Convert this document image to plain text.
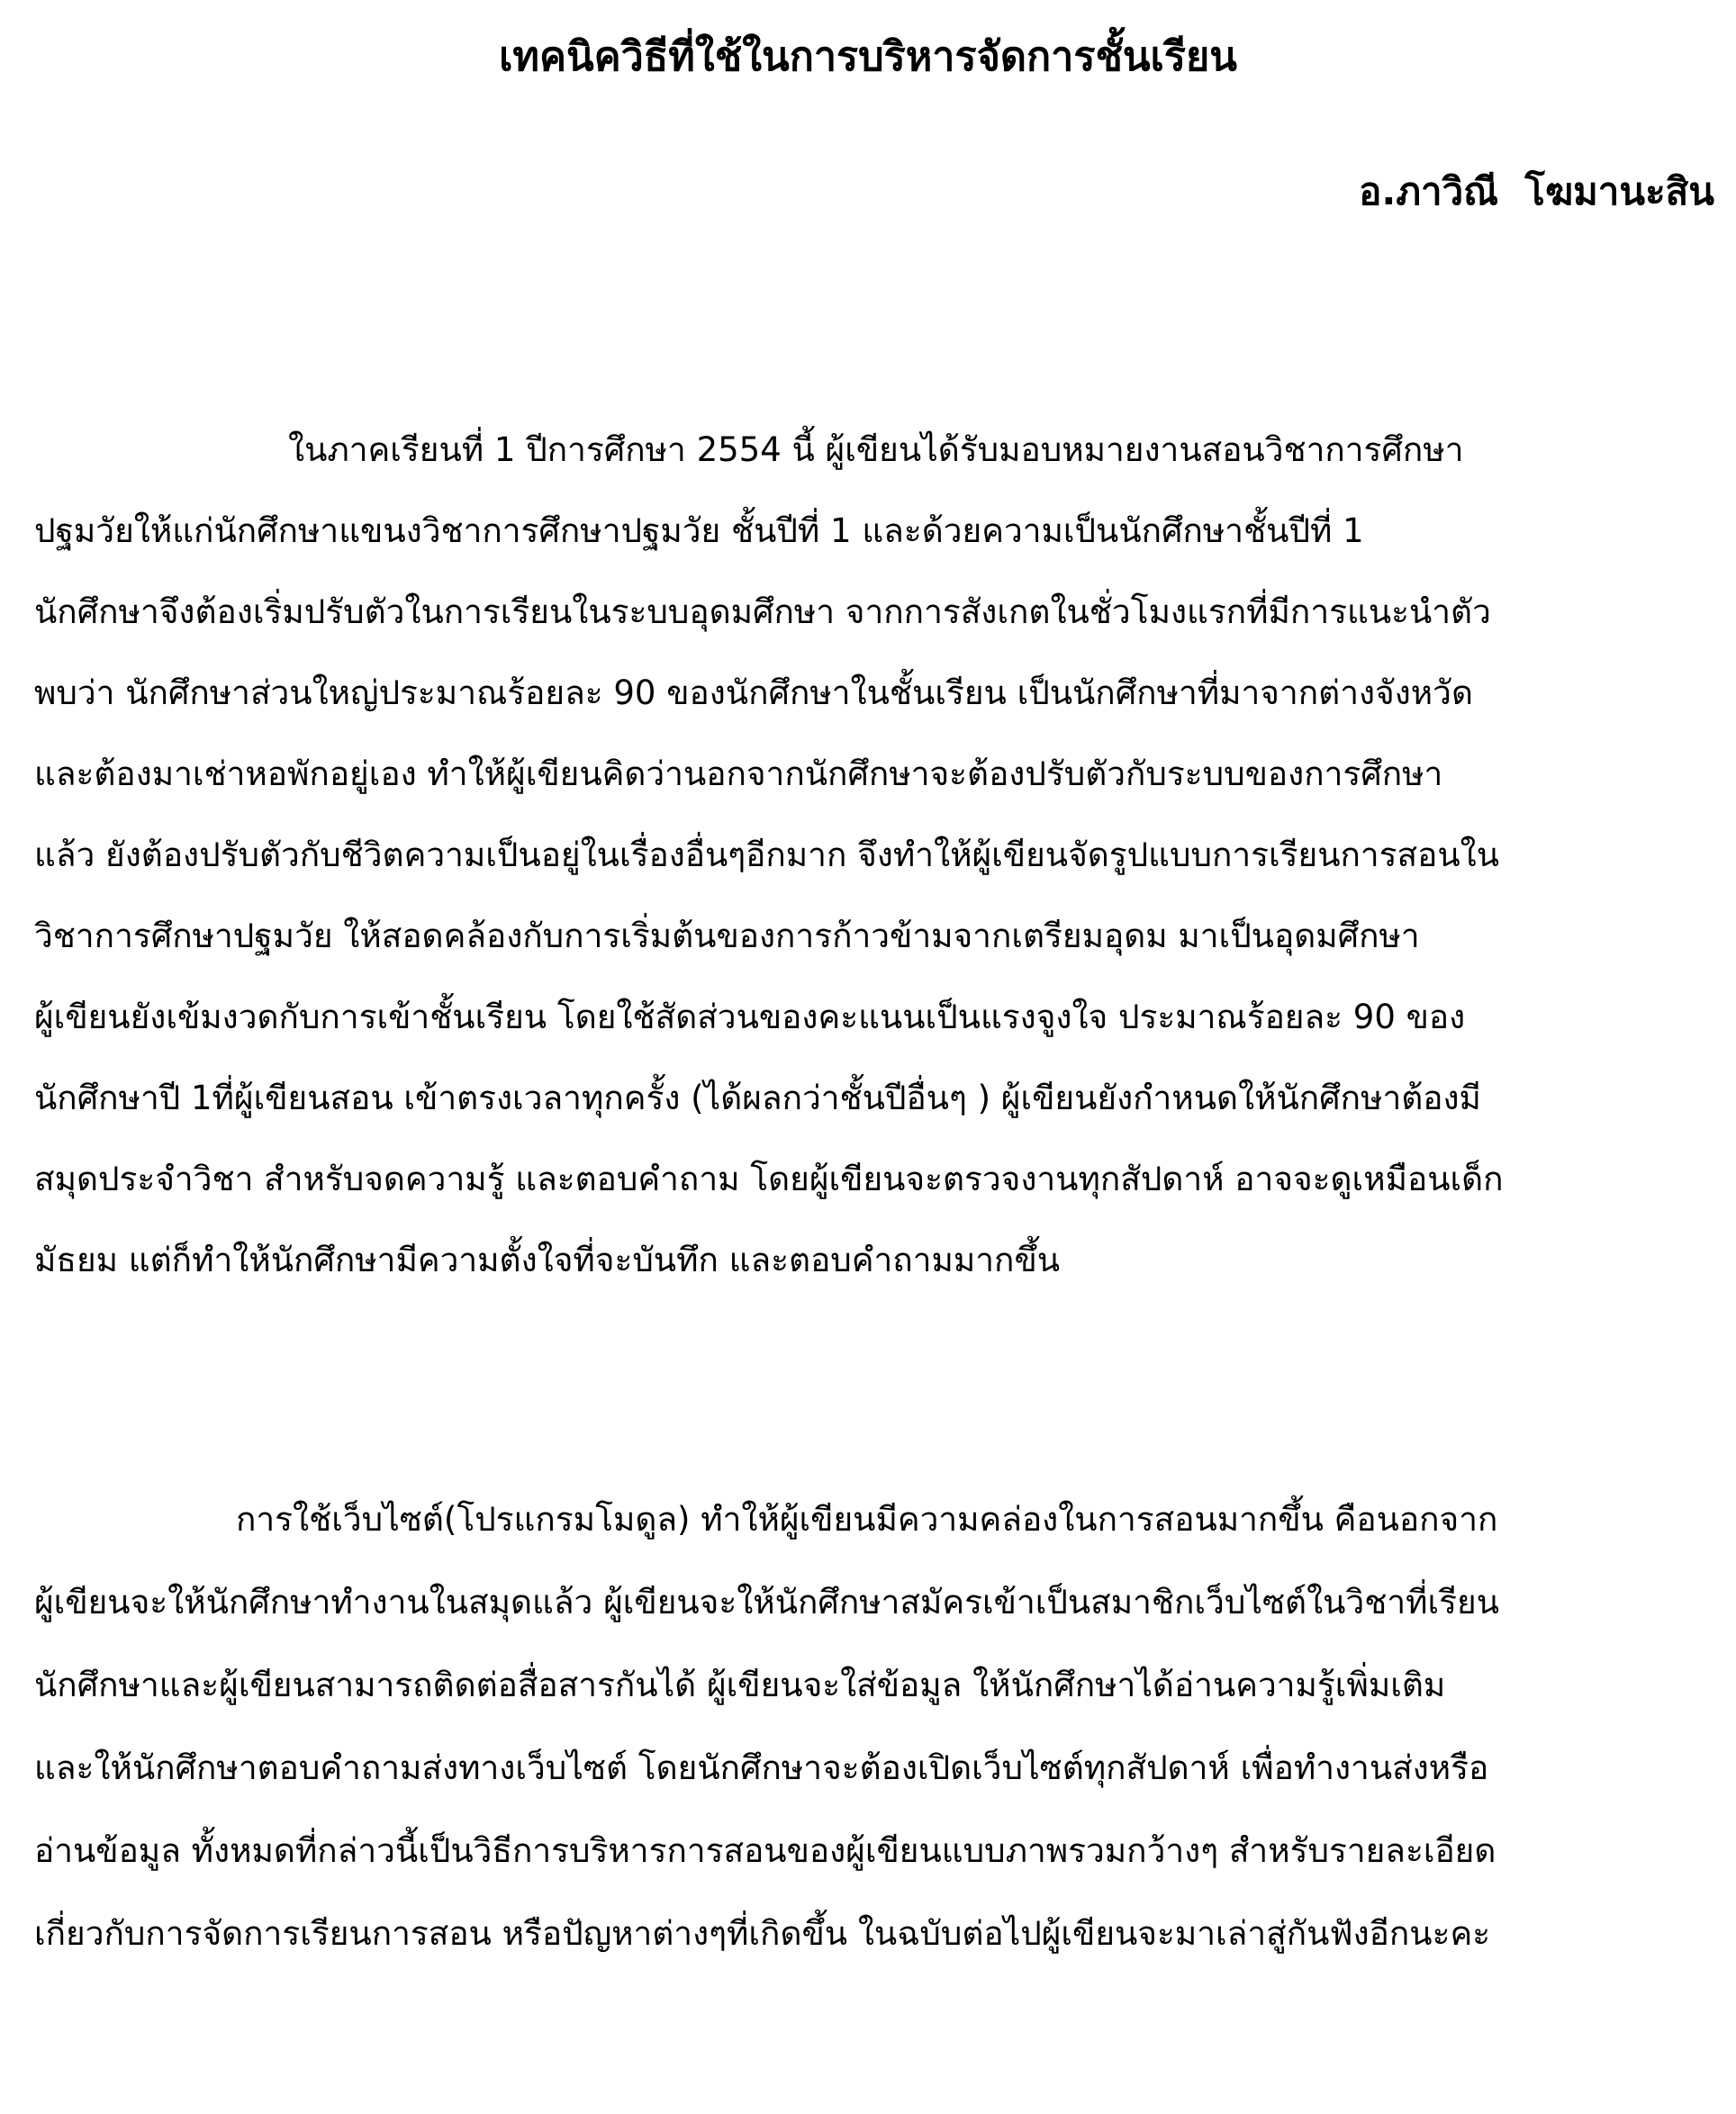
เทคนิควิธีที่ใช้ในการบริหารจัดการชั้นเรียน
อ.ภาวิณี  โฆมานะสิน
ในภาคเรียนที่ 1 ปีการศึกษา 2554 นี้ ผู้เขียนได้รับมอบหมายงานสอนวิชาการศึกษา
ปฐมวัยให้แก่นักศึกษาแขนงวิชาการศึกษาปฐมวัย ชั้นปีที่ 1 และด้วยความเป็นนักศึกษาชั้นปีที่ 1
นักศึกษาจึงต้องเริ่มปรับตัวในการเรียนในระบบอุดมศึกษา จากการสังเกตในชั่วโมงแรกที่มีการแนะนำตัว
พบว่า นักศึกษาส่วนใหญ่ประมาณร้อยละ 90 ของนักศึกษาในชั้นเรียน เป็นนักศึกษาที่มาจากต่างจังหวัด
และต้องมาเช่าหอพักอยู่เอง ทำให้ผู้เขียนคิดว่านอกจากนักศึกษาจะต้องปรับตัวกับระบบของการศึกษา
แล้ว ยังต้องปรับตัวกับชีวิตความเป็นอยู่ในเรื่องอื่นๆอีกมาก จึงทำให้ผู้เขียนจัดรูปแบบการเรียนการสอนใน
วิชาการศึกษาปฐมวัย ให้สอดคล้องกับการเริ่มต้นของการก้าวข้ามจากเตรียมอุดม มาเป็นอุดมศึกษา
ผู้เขียนยังเข้มงวดกับการเข้าชั้นเรียน โดยใช้สัดส่วนของคะแนนเป็นแรงจูงใจ ประมาณร้อยละ 90 ของ
นักศึกษาปี 1ที่ผู้เขียนสอน เข้าตรงเวลาทุกครั้ง (ได้ผลกว่าชั้นปีอื่นๆ ) ผู้เขียนยังกำหนดให้นักศึกษาต้องมี
สมุดประจำวิชา สำหรับจดความรู้ และตอบคำถาม โดยผู้เขียนจะตรวจงานทุกสัปดาห์ อาจจะดูเหมือนเด็ก
มัธยม แต่ก็ทำให้นักศึกษามีความตั้งใจที่จะบันทึก และตอบคำถามมากขึ้น
การใช้เว็บไซต์(โปรแกรมโมดูล) ทำให้ผู้เขียนมีความคล่องในการสอนมากขึ้น คือนอกจาก
ผู้เขียนจะให้นักศึกษาทำงานในสมุดแล้ว ผู้เขียนจะให้นักศึกษาสมัครเข้าเป็นสมาชิกเว็บไซต์ในวิชาที่เรียน
นักศึกษาและผู้เขียนสามารถติดต่อสื่อสารกันได้ ผู้เขียนจะใส่ข้อมูล ให้นักศึกษาได้อ่านความรู้เพิ่มเติม
และให้นักศึกษาตอบคำถามส่งทางเว็บไซต์ โดยนักศึกษาจะต้องเปิดเว็บไซต์ทุกสัปดาห์ เพื่อทำงานส่งหรือ
อ่านข้อมูล ทั้งหมดที่กล่าวนี้เป็นวิธีการบริหารการสอนของผู้เขียนแบบภาพรวมกว้างๆ สำหรับรายละเอียด
เกี่ยวกับการจัดการเรียนการสอน หรือปัญหาต่างๆที่เกิดขึ้น ในฉบับต่อไปผู้เขียนจะมาเล่าสู่กันฟังอีกนะคะ
